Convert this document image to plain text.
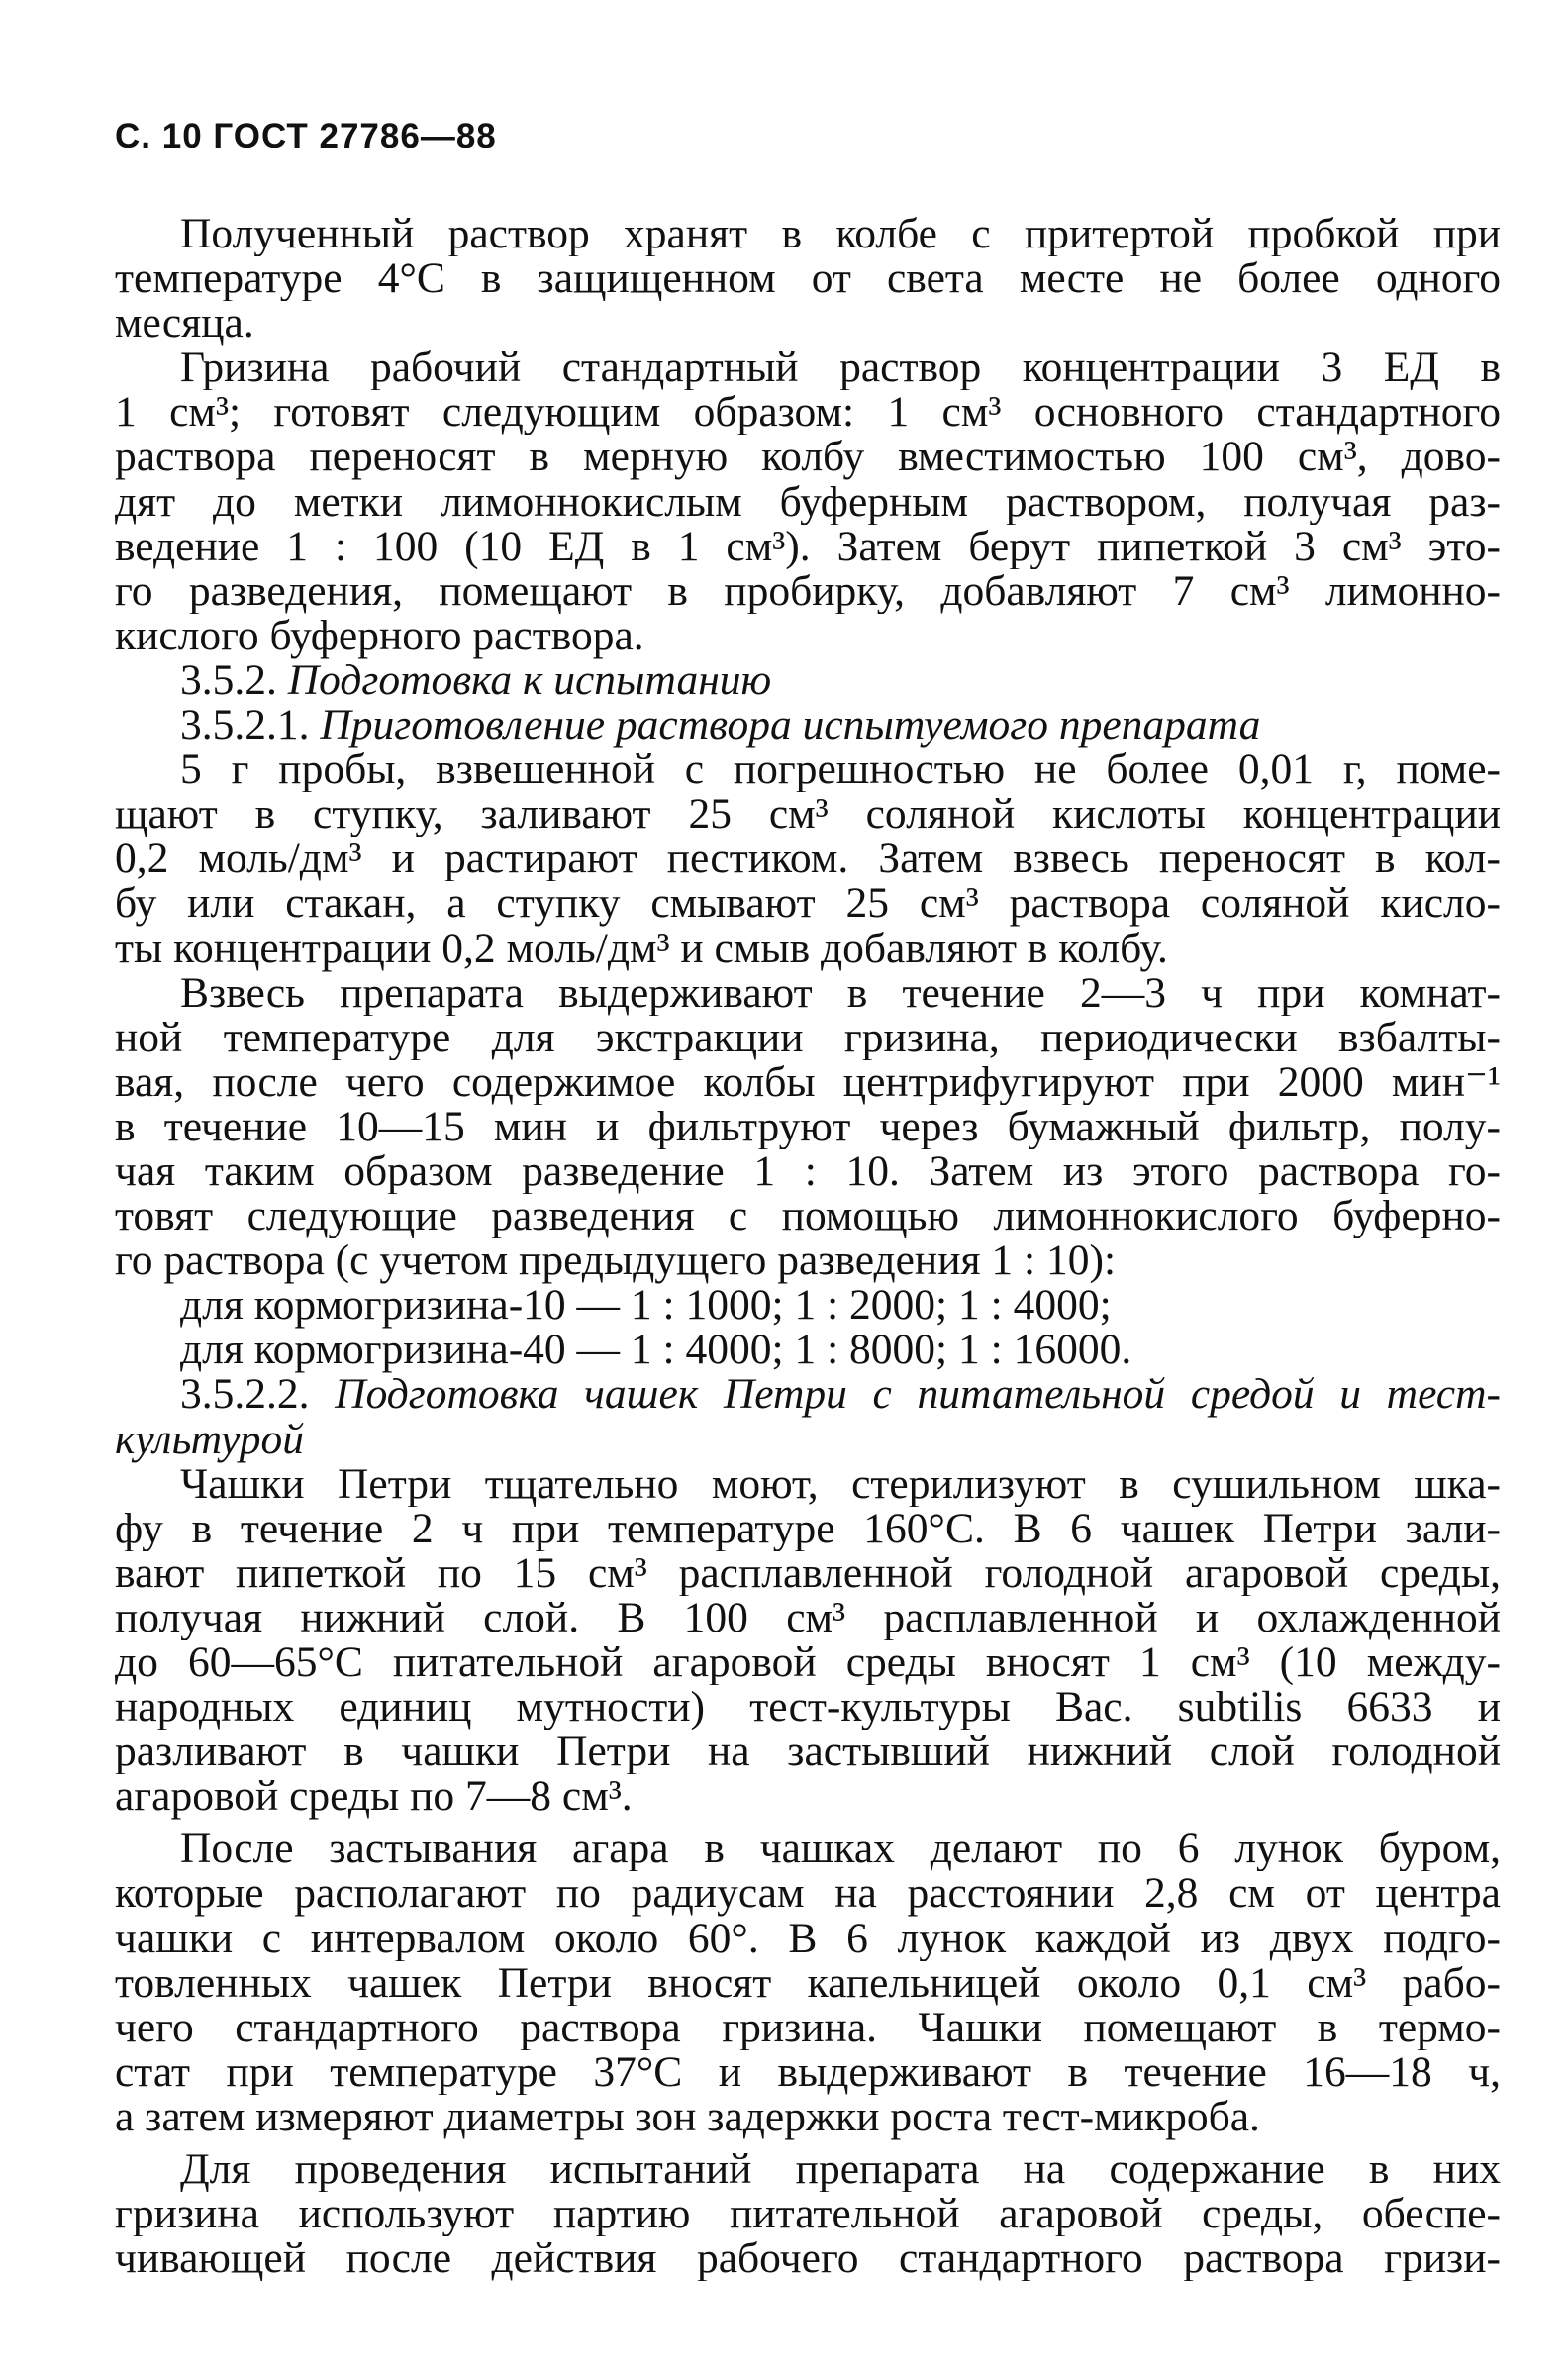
С. 10 ГОСТ 27786—88
Полученный раствор хранят в колбе с притертой пробкой при
температуре 4°С в защищенном от света месте не более одного
месяца.
Гризина рабочий стандартный раствор концентрации 3 ЕД в
1 см³; готовят следующим образом: 1 см³ основного стандартного
раствора переносят в мерную колбу вместимостью 100 см³, дово-
дят до метки лимоннокислым буферным раствором, получая раз-
ведение 1 : 100 (10 ЕД в 1 см³). Затем берут пипеткой 3 см³ это-
го разведения, помещают в пробирку, добавляют 7 см³ лимонно-
кислого буферного раствора.
3.5.2. Подготовка к испытанию
3.5.2.1. Приготовление раствора испытуемого препарата
5 г пробы, взвешенной с погрешностью не более 0,01 г, поме-
щают в ступку, заливают 25 см³ соляной кислоты концентрации
0,2 моль/дм³ и растирают пестиком. Затем взвесь переносят в кол-
бу или стакан, а ступку смывают 25 см³ раствора соляной кисло-
ты концентрации 0,2 моль/дм³ и смыв добавляют в колбу.
Взвесь препарата выдерживают в течение 2—3 ч при комнат-
ной температуре для экстракции гризина, периодически взбалты-
вая, после чего содержимое колбы центрифугируют при 2000 мин⁻¹
в течение 10—15 мин и фильтруют через бумажный фильтр, полу-
чая таким образом разведение 1 : 10. Затем из этого раствора го-
товят следующие разведения с помощью лимоннокислого буферно-
го раствора (с учетом предыдущего разведения 1 : 10):
для кормогризина-10 — 1 : 1000; 1 : 2000; 1 : 4000;
для кормогризина-40 — 1 : 4000; 1 : 8000; 1 : 16000.
3.5.2.2. Подготовка чашек Петри с питательной средой и тест-
культурой
Чашки Петри тщательно моют, стерилизуют в сушильном шка-
фу в течение 2 ч при температуре 160°С. В 6 чашек Петри зали-
вают пипеткой по 15 см³ расплавленной голодной агаровой среды,
получая нижний слой. В 100 см³ расплавленной и охлажденной
до 60—65°С питательной агаровой среды вносят 1 см³ (10 между-
народных единиц мутности) тест-культуры Bac. subtilis 6633 и
разливают в чашки Петри на застывший нижний слой голодной
агаровой среды по 7—8 см³.
После застывания агара в чашках делают по 6 лунок буром,
которые располагают по радиусам на расстоянии 2,8 см от центра
чашки с интервалом около 60°. В 6 лунок каждой из двух подго-
товленных чашек Петри вносят капельницей около 0,1 см³ рабо-
чего стандартного раствора гризина. Чашки помещают в термо-
стат при температуре 37°С и выдерживают в течение 16—18 ч,
а затем измеряют диаметры зон задержки роста тест-микроба.
Для проведения испытаний препарата на содержание в них
гризина используют партию питательной агаровой среды, обеспе-
чивающей после действия рабочего стандартного раствора гризи-
